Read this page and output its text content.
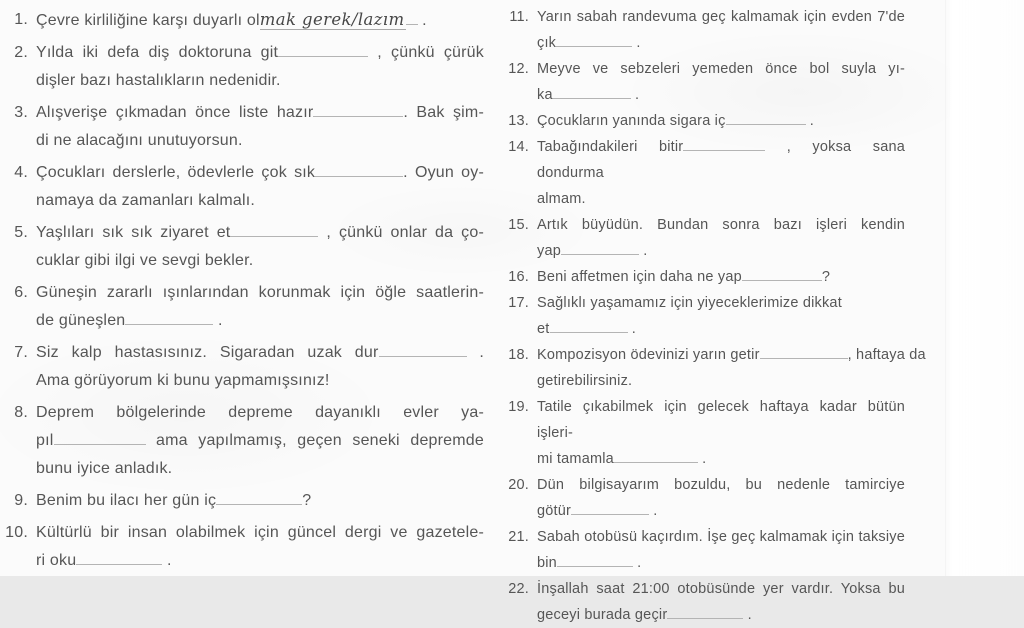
1. Çevre kirliliğine karşı duyarlı olmak gerek/lazım .
2. Yılda iki defa diş doktoruna git	, çünkü çürük
dişler bazı hastalıkların nedenidir.
3. Alışverişe çıkmadan önce liste hazır	. Bak şim-
di ne alacağını unutuyorsun.
4. Çocukları derslerle, ödevlerle çok sık	. Oyun oy-
namaya da zamanları kalmalı.
5. Yaşlıları sık sık ziyaret et	, çünkü onlar da ço-
cuklar gibi ilgi ve sevgi bekler.
6. Güneşin zararlı ışınlarından korunmak için öğle saatlerin-
de güneşlen	.
7. Siz kalp hastasısınız. Sigaradan uzak dur	.
Ama görüyorum ki bunu yapmamışsınız!
8. Deprem bölgelerinde depreme dayanıklı evler ya-
pıl	ama yapılmamış, geçen seneki depremde
bunu iyice anladık.
9. Benim bu ilacı her gün iç	?
10. Kültürlü bir insan olabilmek için güncel dergi ve gazetele-
ri oku	.
11. Yarın sabah randevuma geç kalmamak için evden 7'de
çık	.
12. Meyve ve sebzeleri yemeden önce bol suyla yı-
ka	.
13. Çocukların yanında sigara iç	.
14. Tabağındakileri bitir	, yoksa sana dondurma
almam.
15. Artık büyüdün. Bundan sonra bazı işleri kendin
yap	.
16. Beni affetmen için daha ne yap	?
17. Sağlıklı yaşamamız için yiyeceklerimize dikkat
et	.
18. Kompozisyon ödevinizi yarın getir	, haftaya da
getirebilirsiniz.
19. Tatile çıkabilmek için gelecek haftaya kadar bütün işleri-
mi tamamla	.
20. Dün bilgisayarım bozuldu, bu nedenle tamirciye
götür	.
21. Sabah otobüsü kaçırdım. İşe geç kalmamak için taksiye
bin	.
22. İnşallah saat 21:00 otobüsünde yer vardır. Yoksa bu
geceyi burada geçir	.
